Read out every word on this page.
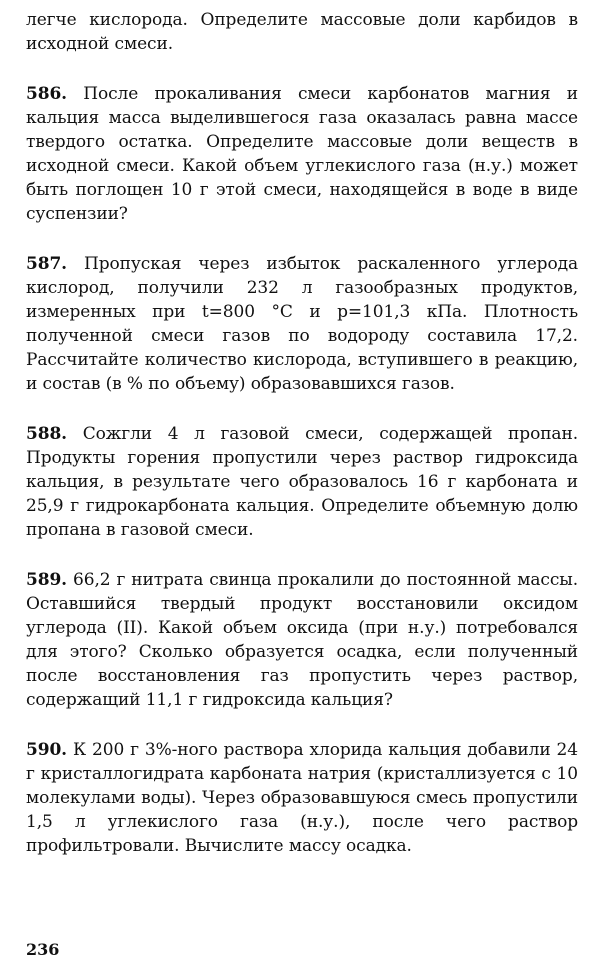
легче кислорода. Определите массовые доли карбидов в исходной смеси.

586. После прокаливания смеси карбонатов магния и кальция масса выделившегося газа оказалась равна массе твердого остатка. Определите массовые доли веществ в исходной смеси. Какой объем углекислого газа (н.у.) может быть поглощен 10 г этой смеси, находящейся в воде в виде суспензии?

587. Пропуская через избыток раскаленного углерода кислород, получили 232 л газообразных продуктов, измеренных при t=800 °С и p=101,3 кПа. Плотность полученной смеси газов по водороду составила 17,2. Рассчитайте количество кислорода, вступившего в реакцию, и состав (в % по объему) образовавшихся газов.

588. Сожгли 4 л газовой смеси, содержащей пропан. Продукты горения пропустили через раствор гидроксида кальция, в результате чего образовалось 16 г карбоната и 25,9 г гидрокарбоната кальция. Определите объемную долю пропана в газовой смеси.

589. 66,2 г нитрата свинца прокалили до постоянной массы. Оставшийся твердый продукт восстановили оксидом углерода (II). Какой объем оксида (при н.у.) потребовался для этого? Сколько образуется осадка, если полученный после восстановления газ пропустить через раствор, содержащий 11,1 г гидроксида кальция?

590. К 200 г 3%-ного раствора хлорида кальция добавили 24 г кристаллогидрата карбоната натрия (кристаллизуется с 10 молекулами воды). Через образовавшуюся смесь пропустили 1,5 л углекислого газа (н.у.), после чего раствор профильтровали. Вычислите массу осадка.

236
